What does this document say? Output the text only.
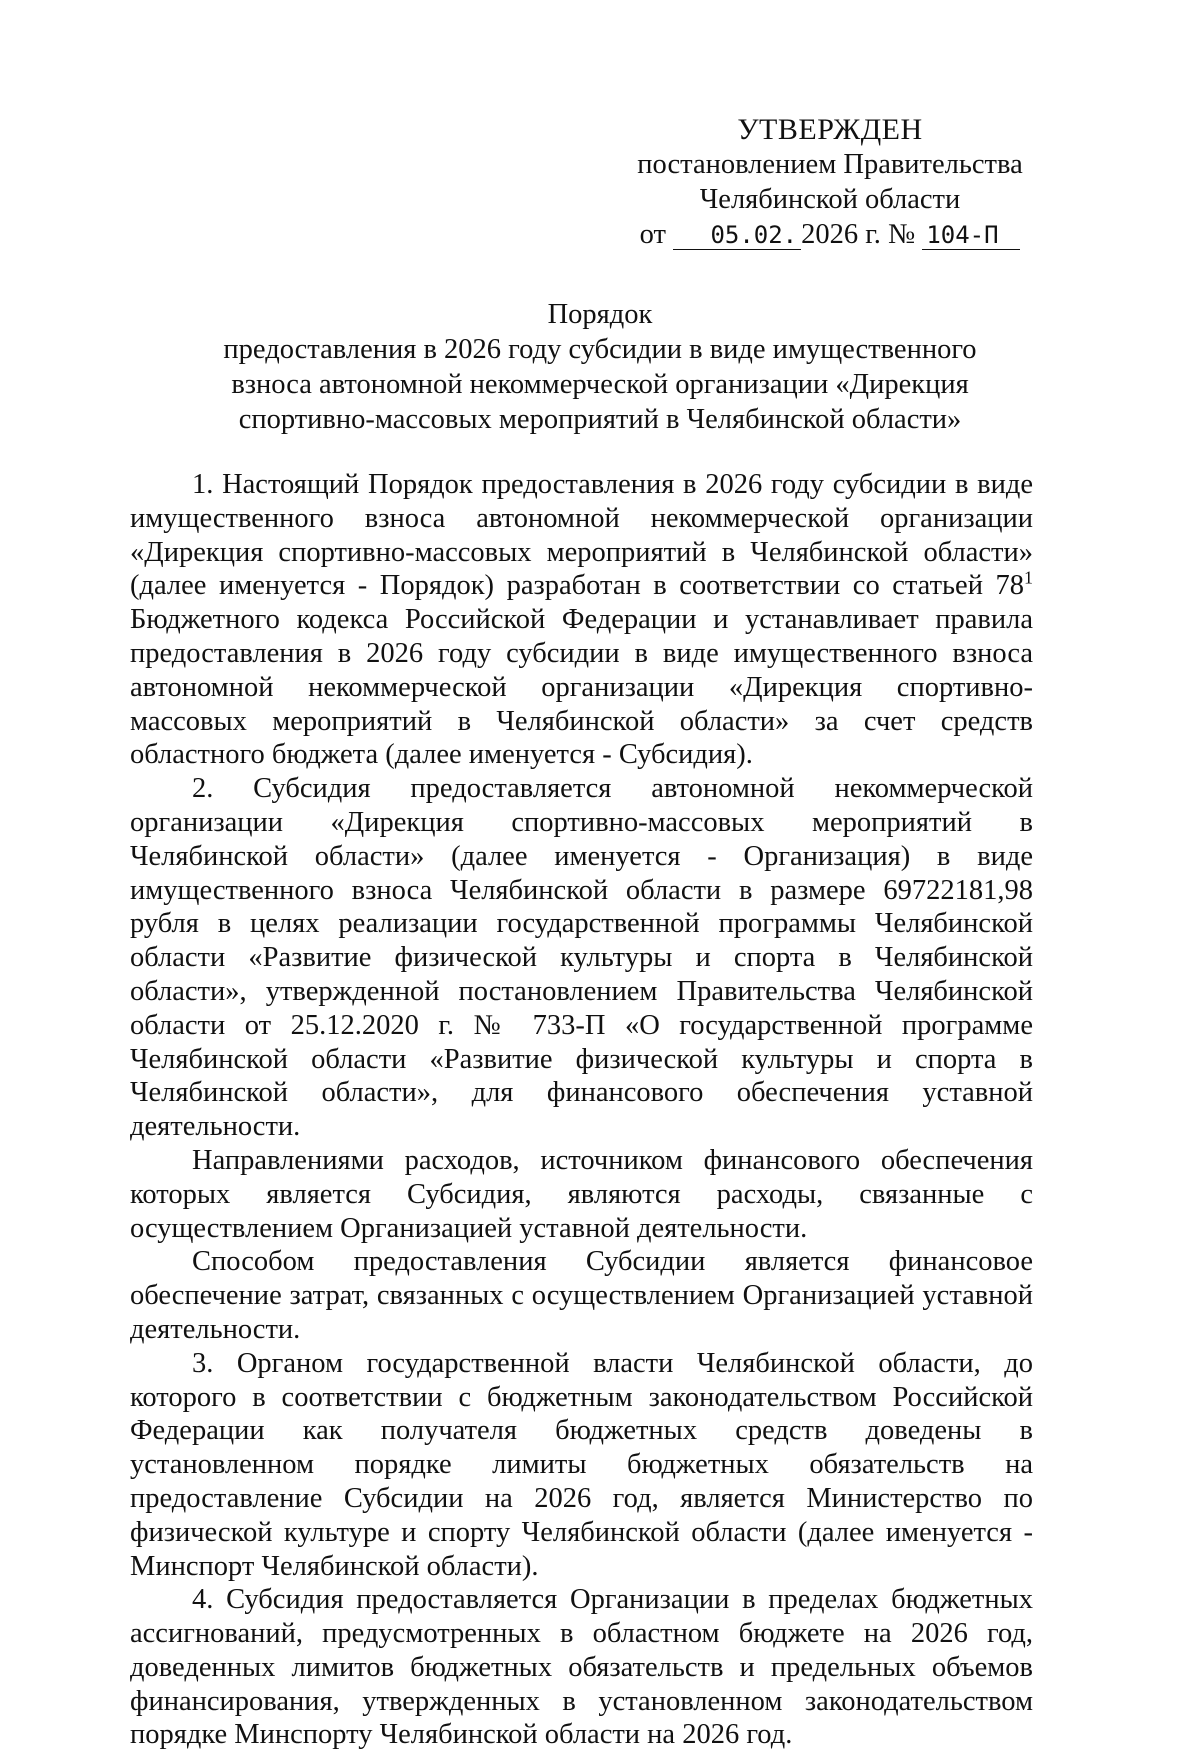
УТВЕРЖДЕН
постановлением Правительства
Челябинской области
от 05.02. 2026 г. № 104-П
Порядок
предоставления в 2026 году субсидии в виде имущественного
взноса автономной некоммерческой организации «Дирекция
спортивно-массовых мероприятий в Челябинской области»

1. Настоящий Порядок предоставления в 2026 году субсидии в виде имущественного взноса автономной некоммерческой организации «Дирекция спортивно-массовых мероприятий в Челябинской области» (далее именуется - Порядок) разработан в соответствии со статьей $78^1$ Бюджетного кодекса Российской Федерации и устанавливает правила предоставления в 2026 году субсидии в виде имущественного взноса автономной некоммерческой организации «Дирекция спортивно-массовых мероприятий в Челябинской области» за счет средств областного бюджета (далее именуется - Субсидия).

2. Субсидия предоставляется автономной некоммерческой организации «Дирекция спортивно-массовых мероприятий в Челябинской области» (далее именуется - Организация) в виде имущественного взноса Челябинской области в размере 69722181,98 рубля в целях реализации государственной программы Челябинской области «Развитие физической культуры и спорта в Челябинской области», утвержденной постановлением Правительства Челябинской области от 25.12.2020 г. № 733-П «О государственной программе Челябинской области «Развитие физической культуры и спорта в Челябинской области», для финансового обеспечения уставной деятельности.

Направлениями расходов, источником финансового обеспечения которых является Субсидия, являются расходы, связанные с осуществлением Организацией уставной деятельности.

Способом предоставления Субсидии является финансовое обеспечение затрат, связанных с осуществлением Организацией уставной деятельности.

3. Органом государственной власти Челябинской области, до которого в соответствии с бюджетным законодательством Российской Федерации как получателя бюджетных средств доведены в установленном порядке лимиты бюджетных обязательств на предоставление Субсидии на 2026 год, является Министерство по физической культуре и спорту Челябинской области (далее именуется - Минспорт Челябинской области).

4. Субсидия предоставляется Организации в пределах бюджетных ассигнований, предусмотренных в областном бюджете на 2026 год, доведенных лимитов бюджетных обязательств и предельных объемов финансирования, утвержденных в установленном законодательством порядке Минспорту Челябинской области на 2026 год.
